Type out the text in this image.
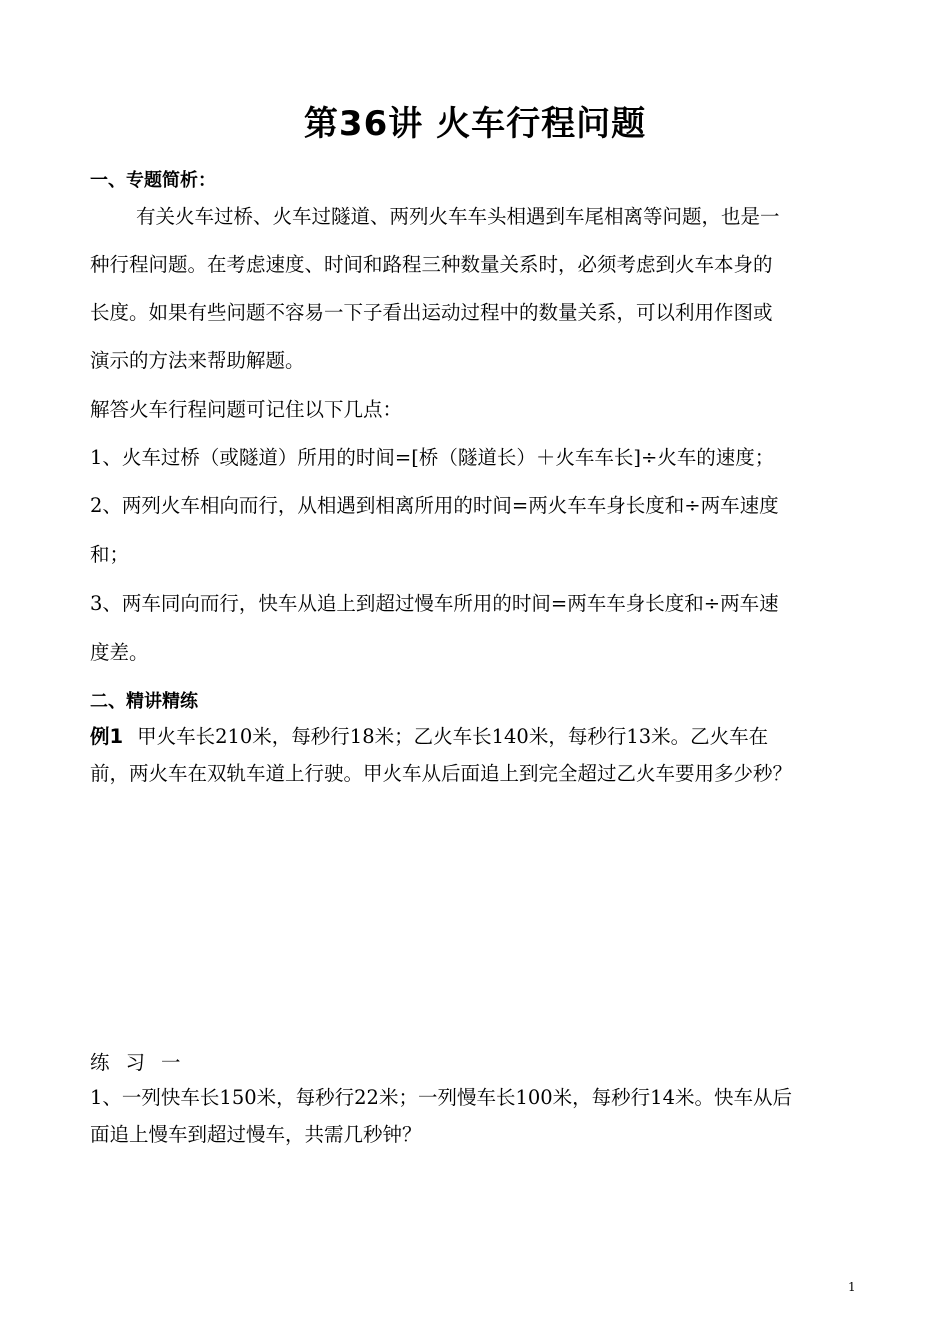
第36讲 火车行程问题
一、专题简析：
有关火车过桥、火车过隧道、两列火车车头相遇到车尾相离等问题，也是一
种行程问题。在考虑速度、时间和路程三种数量关系时，必须考虑到火车本身的
长度。如果有些问题不容易一下子看出运动过程中的数量关系，可以利用作图或
演示的方法来帮助解题。
解答火车行程问题可记住以下几点：
1、火车过桥（或隧道）所用的时间=[桥（隧道长）＋火车车长]÷火车的速度；
2、两列火车相向而行，从相遇到相离所用的时间=两火车车身长度和÷两车速度
和；
3、两车同向而行，快车从追上到超过慢车所用的时间=两车车身长度和÷两车速
度差。
二、精讲精练
例1 甲火车长210米，每秒行18米；乙火车长140米，每秒行13米。乙火车在
前，两火车在双轨车道上行驶。甲火车从后面追上到完全超过乙火车要用多少秒？
练习一
1、一列快车长150米，每秒行22米；一列慢车长100米，每秒行14米。快车从后
面追上慢车到超过慢车，共需几秒钟？
1
